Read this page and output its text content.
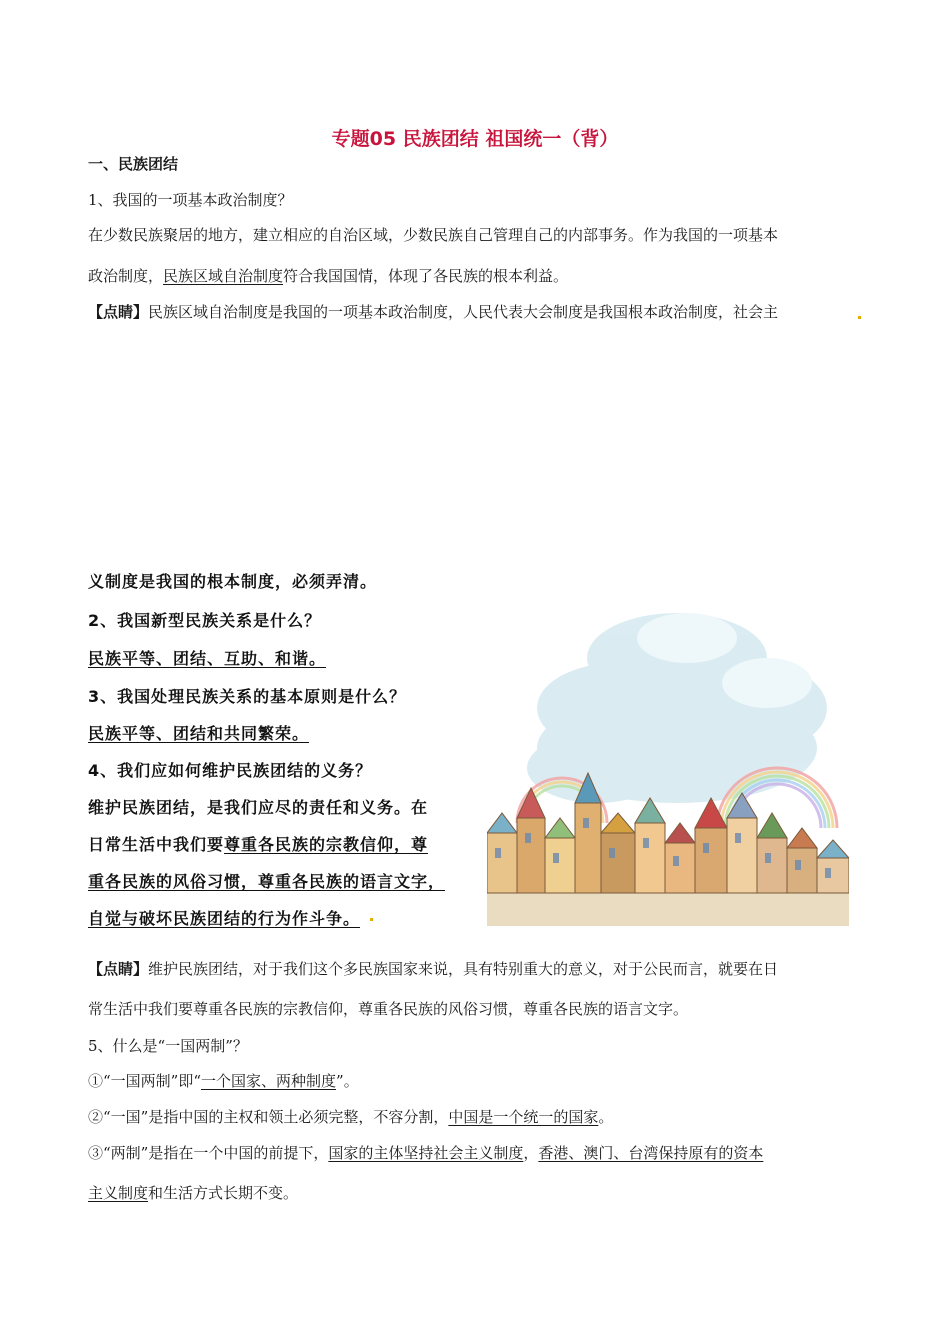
专题05 民族团结 祖国统一（背）
一、民族团结
1、我国的一项基本政治制度？
在少数民族聚居的地方，建立相应的自治区域，少数民族自己管理自己的内部事务。作为我国的一项基本
政治制度，民族区域自治制度符合我国国情，体现了各民族的根本利益。
【点睛】民族区域自治制度是我国的一项基本政治制度，人民代表大会制度是我国根本政治制度，社会主
义制度是我国的根本制度，必须弄清。
2、我国新型民族关系是什么？
民族平等、团结、互助、和谐。
3、我国处理民族关系的基本原则是什么？
民族平等、团结和共同繁荣。
4、我们应如何维护民族团结的义务？
维护民族团结，是我们应尽的责任和义务。在
日常生活中我们要尊重各民族的宗教信仰，尊
重各民族的风俗习惯，尊重各民族的语言文字，
自觉与破坏民族团结的行为作斗争。
【点睛】维护民族团结，对于我们这个多民族国家来说，具有特别重大的意义，对于公民而言，就要在日
常生活中我们要尊重各民族的宗教信仰，尊重各民族的风俗习惯，尊重各民族的语言文字。
5、什么是“一国两制”？
①“一国两制”即“一个国家、两种制度”。
②“一国”是指中国的主权和领土必须完整，不容分割，中国是一个统一的国家。
③“两制”是指在一个中国的前提下，国家的主体坚持社会主义制度，香港、澳门、台湾保持原有的资本
主义制度和生活方式长期不变。
